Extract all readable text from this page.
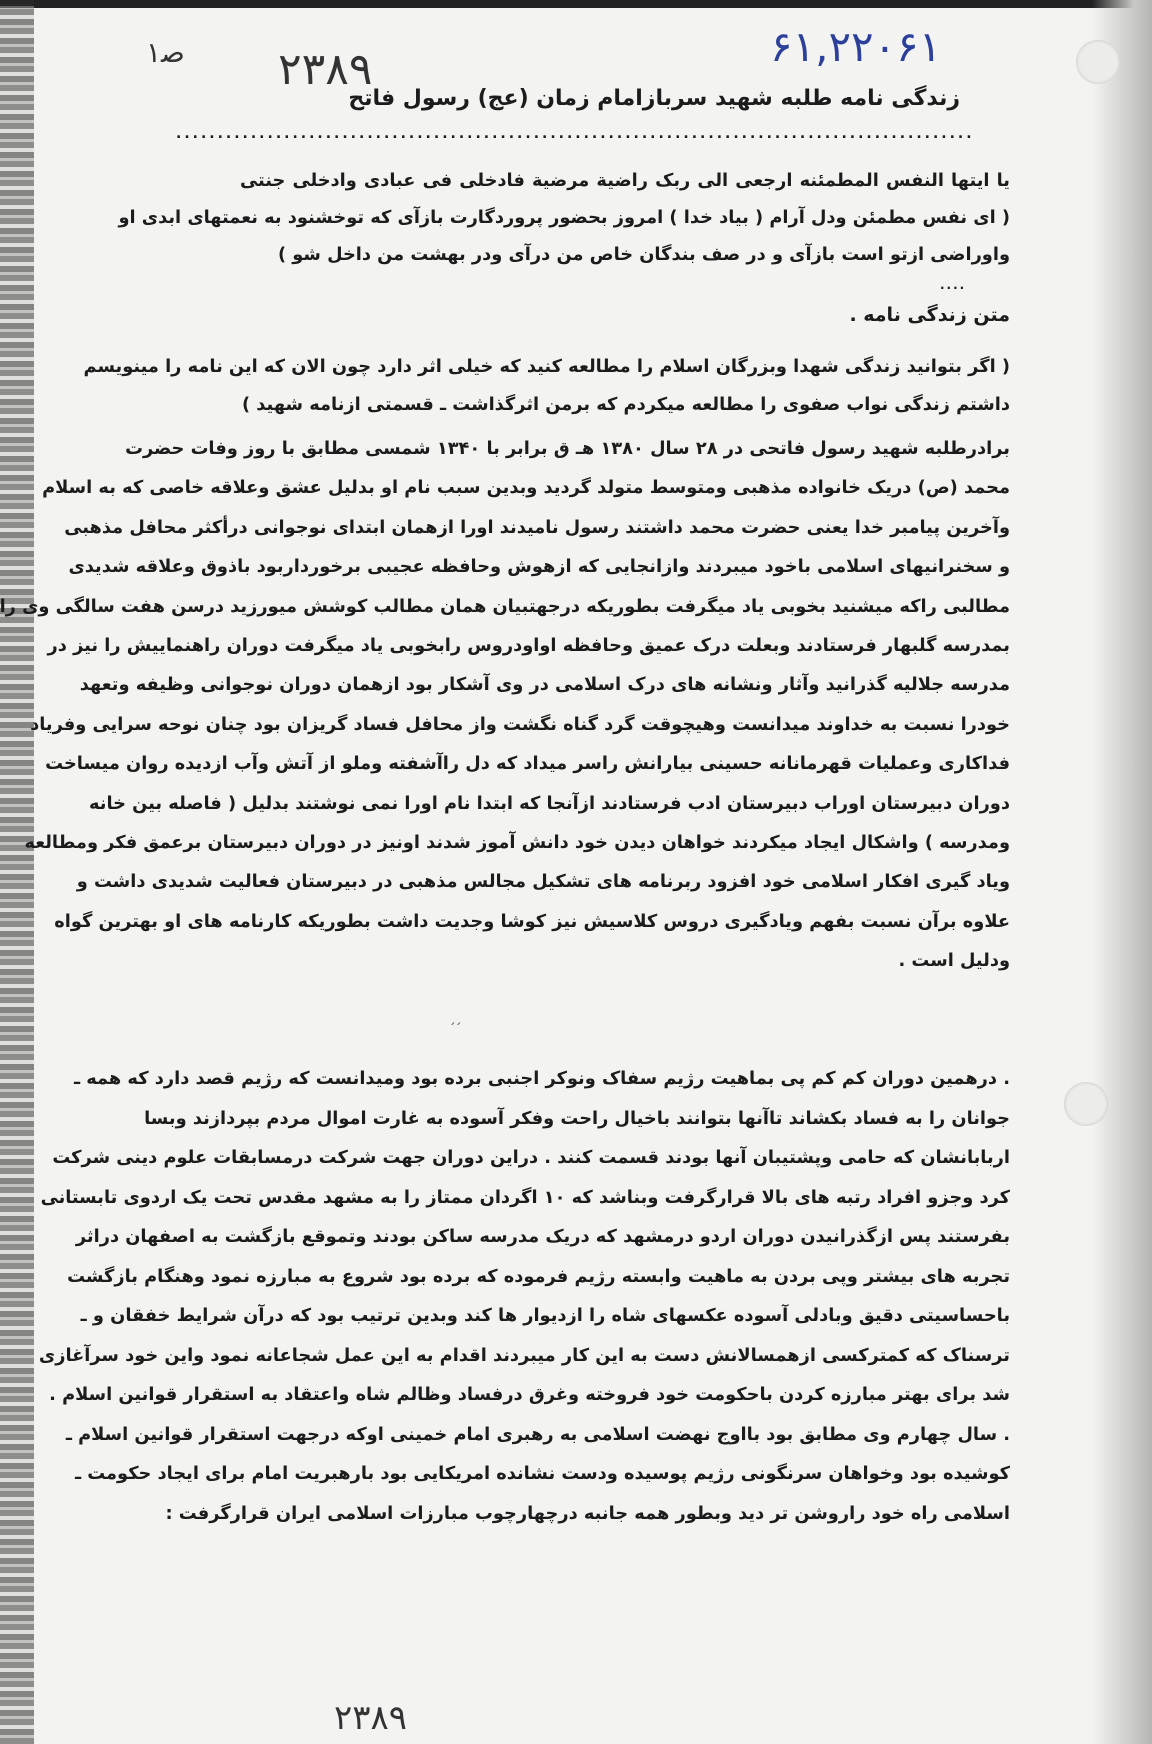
۶۱,۲۲۰۶۱
۱ﺻ ۲۳۸۹
زندگی نامه طلبه شهید سربازامام زمان (عج) رسول فاتح
................................................................................................
یا ایتها النفس المطمئنه ارجعی الی ربک راضیة مرضیة فادخلی فی عبادی وادخلی جنتی
( ای نفس مطمئن ودل آرام ( بیاد خدا ) امروز بحضور پروردگارت بازآی که توخشنود به نعمتهای ابدی او
واوراضی ازتو است بازآی و در صف بندگان خاص من درآی ودر بهشت من داخل شو )
....
متن زندگی نامه .
( اگر بتوانید زندگی شهدا وبزرگان اسلام را مطالعه کنید که خیلی اثر دارد چون الان که این نامه را مینویسم
داشتم زندگی نواب صفوی را مطالعه میکردم که برمن اثرگذاشت ـ قسمتی ازنامه شهید )
برادرطلبه شهید رسول فاتحی در ۲۸ سال ۱۳۸۰ هـ ق برابر با ۱۳۴۰ شمسی مطابق با روز وفات حضرت
محمد (ص) دریک خانواده مذهبی ومتوسط متولد گردید وبدین سبب نام او بدلیل عشق وعلاقه خاصی که به اسلام
وآخرین پیامبر خدا یعنی حضرت محمد داشتند رسول نامیدند اورا ازهمان ابتدای نوجوانی درأکثر محافل مذهبی
و سخنرانیهای اسلامی باخود میبردند وازانجایی که ازهوش وحافظه عجیبی برخورداربود باذوق وعلاقه شدیدی
مطالبی راکه میشنید بخوبی یاد میگرفت بطوریکه درجهتبیان همان مطالب کوشش میورزید درسن هفت سالگی وی را
بمدرسه گلبهار فرستادند وبعلت درک عمیق وحافظه اواودروس رابخوبی یاد میگرفت دوران راهنماییش را نیز در
مدرسه جلالیه گذرانید وآثار ونشانه های درک اسلامی در وی آشکار بود ازهمان دوران نوجوانی وظیفه وتعهد
خودرا نسبت به خداوند میدانست وهیچوقت گرد گناه نگشت واز محافل فساد گریزان بود چنان نوحه سرایی وفریاد
فداکاری وعملیات قهرمانانه حسینی بیارانش راسر میداد که دل راآشفته وملو از آتش وآب ازدیده روان میساخت
دوران دبیرستان اوراب دبیرستان ادب فرستادند ازآنجا که ابتدا نام اورا نمی نوشتند بدلیل ( فاصله بین خانه
ومدرسه ) واشکال ایجاد میکردند خواهان دیدن خود دانش آموز شدند اونیز در دوران دبیرستان برعمق فکر ومطالعه
ویاد گیری افکار اسلامی خود افزود ربرنامه های تشکیل مجالس مذهبی در دبیرستان فعالیت شدیدی داشت و
علاوه برآن نسبت بفهم ویادگیری دروس کلاسیش نیز کوشا وجدیت داشت بطوریکه کارنامه های او بهترین گواه
ودلیل است .
. درهمین دوران کم کم پی بماهیت رژیم سفاک ونوکر اجنبی برده بود ومیدانست که رژیم قصد دارد که همه ـ
جوانان را به فساد بکشاند تاآنها بتوانند باخیال راحت وفکر آسوده به غارت اموال مردم بپردازند وبسا
اربابانشان که حامی وپشتیبان آنها بودند قسمت کنند . دراین دوران جهت شرکت درمسابقات علوم دینی شرکت
کرد وجزو افراد رتبه های بالا قرارگرفت وبناشد که ۱۰ اگردان ممتاز را به مشهد مقدس تحت یک اردوی تابستانی
بفرستند پس ازگذرانیدن دوران اردو درمشهد که دریک مدرسه ساکن بودند وتموقع بازگشت به اصفهان دراثر
تجربه های بیشتر وپی بردن به ماهیت وابسته رژیم فرموده که برده بود شروع به مبارزه نمود وهنگام بازگشت
باحساسیتی دقیق وبادلی آسوده عکسهای شاه را ازدیوار ها کند وبدین ترتیب بود که درآن شرایط خفقان و ـ
ترسناک که کمترکسی ازهمسالانش دست به این کار میبردند اقدام به این عمل شجاعانه نمود واین خود سرآغازی
شد برای بهتر مبارزه کردن باحکومت خود فروخته وغرق درفساد وظالم شاه واعتقاد به استقرار قوانین اسلام .
. سال چهارم وی مطابق بود بااوج نهضت اسلامی به رهبری امام خمینی اوکه درجهت استقرار قوانین اسلام ـ
کوشیده بود وخواهان سرنگونی رژیم پوسیده ودست نشانده امریکایی بود بارهبریت امام برای ایجاد حکومت ـ
اسلامی راه خود راروشن تر دید وبطور همه جانبه درچهارچوب مبارزات اسلامی ایران قرارگرفت :
׳׳
۲۳۸۹
